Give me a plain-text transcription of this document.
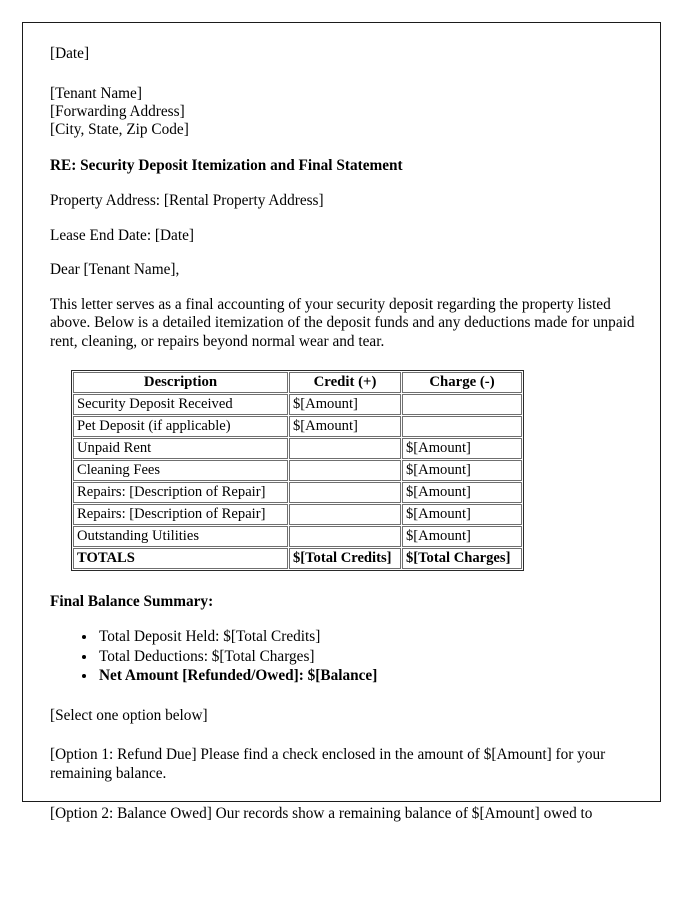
[Date]
[Tenant Name]
[Forwarding Address]
[City, State, Zip Code]
RE: Security Deposit Itemization and Final Statement
Property Address: [Rental Property Address]
Lease End Date: [Date]
Dear [Tenant Name],
This letter serves as a final accounting of your security deposit regarding the property listed above. Below is a detailed itemization of the deposit funds and any deductions made for unpaid rent, cleaning, or repairs beyond normal wear and tear.
Description	Credit (+)	Charge (-)
Security Deposit Received	$[Amount]	
Pet Deposit (if applicable)	$[Amount]	
Unpaid Rent		$[Amount]
Cleaning Fees		$[Amount]
Repairs: [Description of Repair]		$[Amount]
Repairs: [Description of Repair]		$[Amount]
Outstanding Utilities		$[Amount]
TOTALS	$[Total Credits]	$[Total Charges]
Final Balance Summary:
• Total Deposit Held: $[Total Credits]
• Total Deductions: $[Total Charges]
• Net Amount [Refunded/Owed]: $[Balance]
[Select one option below]
[Option 1: Refund Due] Please find a check enclosed in the amount of $[Amount] for your remaining balance.
[Option 2: Balance Owed] Our records show a remaining balance of $[Amount] owed to
